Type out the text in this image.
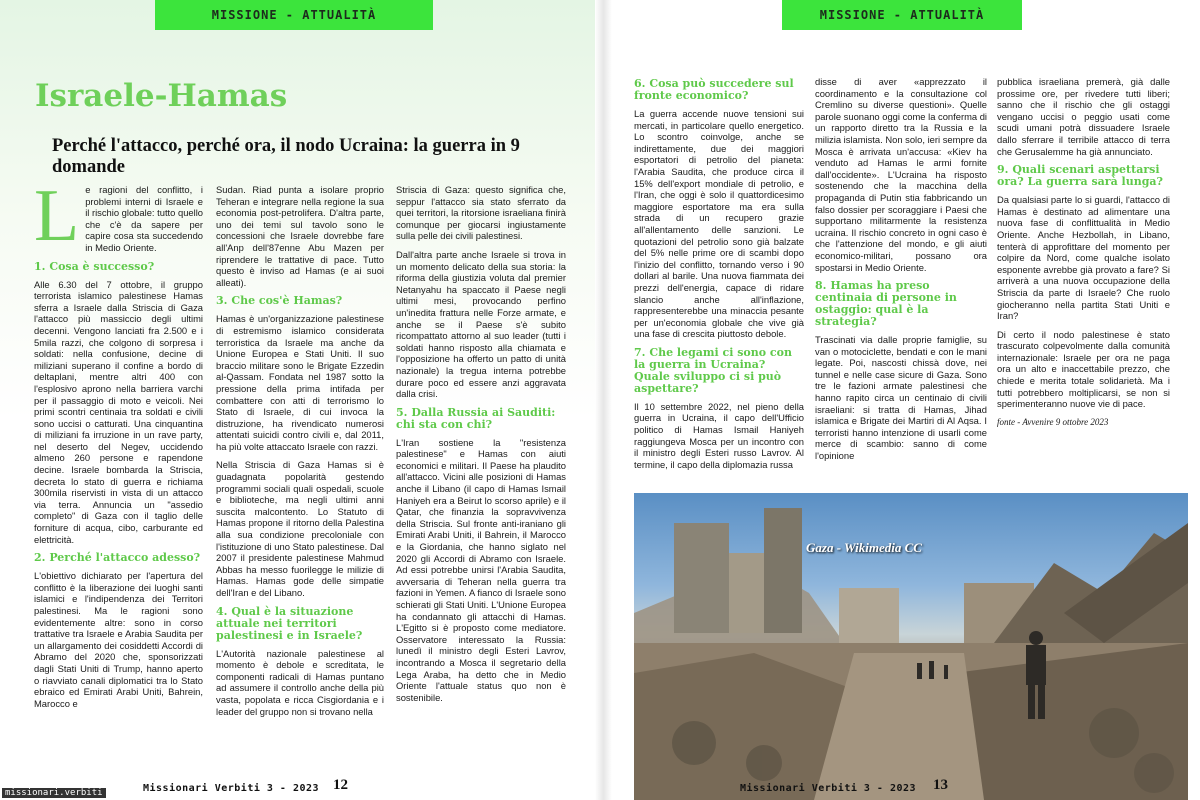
MISSIONE - ATTUALITÀ
Israele-Hamas
Perché l'attacco, perché ora, il nodo Ucraina: la guerra in 9 domande

Le ragioni del conflitto, i problemi interni di Israele e il rischio globale: tutto quello che c'è da sapere per capire cosa sta succedendo in Medio Oriente.

1. Cosa è successo?

Alle 6.30 del 7 ottobre, il gruppo terrorista islamico palestinese Hamas sferra a Israele dalla Striscia di Gaza l'attacco più massiccio degli ultimi decenni. Vengono lanciati fra 2.500 e i 5mila razzi, che colgono di sorpresa i soldati: nella confusione, decine di miliziani superano il confine a bordo di deltaplani, mentre altri 400 con l'esplosivo aprono nella barriera varchi per il passaggio di moto e veicoli. Nei primi scontri centinaia tra soldati e civili sono uccisi o catturati. Una cinquantina di miliziani fa irruzione in un rave party, nel deserto del Negev, uccidendo almeno 260 persone e rapendone decine. Israele bombarda la Striscia, decreta lo stato di guerra e richiama 300mila riservisti in vista di un attacco via terra. Annuncia un "assedio completo" di Gaza con il taglio delle forniture di acqua, cibo, carburante ed elettricità.

2. Perché l'attacco adesso?

L'obiettivo dichiarato per l'apertura del conflitto è la liberazione dei luoghi santi islamici e l'indipendenza dei Territori palestinesi. Ma le ragioni sono evidentemente altre: sono in corso trattative tra Israele e Arabia Saudita per un allargamento dei cosiddetti Accordi di Abramo del 2020 che, sponsorizzati dagli Stati Uniti di Trump, hanno aperto o riavviato canali diplomatici tra lo Stato ebraico ed Emirati Arabi Uniti, Bahrein, Marocco e

Sudan. Riad punta a isolare proprio Teheran e integrare nella regione la sua economia post-petrolifera. D'altra parte, uno dei temi sul tavolo sono le concessioni che Israele dovrebbe fare all'Anp dell'87enne Abu Mazen per riprendere le trattative di pace. Tutto questo è inviso ad Hamas (e ai suoi alleati).

3. Che cos'è Hamas?

Hamas è un'organizzazione palestinese di estremismo islamico considerata terroristica da Israele ma anche da Unione Europea e Stati Uniti. Il suo braccio militare sono le Brigate Ezzedin al-Qassam. Fondata nel 1987 sotto la pressione della prima intifada per combattere con atti di terrorismo lo Stato di Israele, di cui invoca la distruzione, ha rivendicato numerosi attentati suicidi contro civili e, dal 2011, ha più volte attaccato Israele con razzi.

Nella Striscia di Gaza Hamas si è guadagnata popolarità gestendo programmi sociali quali ospedali, scuole e biblioteche, ma negli ultimi anni suscita malcontento. Lo Statuto di Hamas propone il ritorno della Palestina alla sua condizione precoloniale con l'istituzione di uno Stato palestinese. Dal 2007 il presidente palestinese Mahmud Abbas ha messo fuorilegge le milizie di Hamas. Hamas gode delle simpatie dell'Iran e del Libano.

4. Qual è la situazione attuale nei territori palestinesi e in Israele?

L'Autorità nazionale palestinese al momento è debole e screditata, le componenti radicali di Hamas puntano ad assumere il controllo anche della più vasta, popolata e ricca Cisgiordania e i leader del gruppo non si trovano nella

Striscia di Gaza: questo significa che, seppur l'attacco sia stato sferrato da quei territori, la ritorsione israeliana finirà comunque per giocarsi ingiustamente sulla pelle dei civili palestinesi.

Dall'altra parte anche Israele si trova in un momento delicato della sua storia: la riforma della giustizia voluta dal premier Netanyahu ha spaccato il Paese negli ultimi mesi, provocando perfino un'inedita frattura nelle Forze armate, e anche se il Paese s'è subito ricompattato attorno al suo leader (tutti i soldati hanno risposto alla chiamata e l'opposizione ha offerto un patto di unità nazionale) la tregua interna potrebbe durare poco ed essere anzi aggravata dalla crisi.

5. Dalla Russia ai Sauditi: chi sta con chi?

L'Iran sostiene la "resistenza palestinese" e Hamas con aiuti economici e militari. Il Paese ha plaudito all'attacco. Vicini alle posizioni di Hamas anche il Libano (il capo di Hamas Ismail Haniyeh era a Beirut lo scorso aprile) e il Qatar, che finanzia la sopravvivenza della Striscia. Sul fronte anti-iraniano gli Emirati Arabi Uniti, il Bahrein, il Marocco e la Giordania, che hanno siglato nel 2020 gli Accordi di Abramo con Israele. Ad essi potrebbe unirsi l'Arabia Saudita, avversaria di Teheran nella guerra tra fazioni in Yemen. A fianco di Israele sono schierati gli Stati Uniti. L'Unione Europea ha condannato gli attacchi di Hamas. L'Egitto si è proposto come mediatore. Osservatore interessato la Russia: lunedì il ministro degli Esteri Lavrov, incontrando a Mosca il segretario della Lega Araba, ha detto che in Medio Oriente l'attuale status quo non è sostenibile.

Missionari Verbiti 3 - 2023 12
MISSIONE - ATTUALITÀ
6. Cosa può succedere sul fronte economico?

La guerra accende nuove tensioni sui mercati, in particolare quello energetico. Lo scontro coinvolge, anche se indirettamente, due dei maggiori esportatori di petrolio del pianeta: l'Arabia Saudita, che produce circa il 15% dell'export mondiale di petrolio, e l'Iran, che oggi è solo il quattordicesimo maggiore esportatore ma era sulla strada di un recupero grazie all'allentamento delle sanzioni. Le quotazioni del petrolio sono già balzate del 5% nelle prime ore di scambi dopo l'inizio del conflitto, tornando verso i 90 dollari al barile. Una nuova fiammata dei prezzi dell'energia, capace di ridare slancio anche all'inflazione, rappresenterebbe una minaccia pesante per un'economia globale che vive già una fase di crescita piuttosto debole.

7. Che legami ci sono con la guerra in Ucraina? Quale sviluppo ci si può aspettare?

Il 10 settembre 2022, nel pieno della guerra in Ucraina, il capo dell'Ufficio politico di Hamas Ismail Haniyeh raggiungeva Mosca per un incontro con il ministro degli Esteri russo Lavrov. Al termine, il capo della diplomazia russa

disse di aver «apprezzato il coordinamento e la consultazione col Cremlino su diverse questioni». Quelle parole suonano oggi come la conferma di un rapporto diretto tra la Russia e la milizia islamista. Non solo, ieri sempre da Mosca è arrivata un'accusa: «Kiev ha venduto ad Hamas le armi fornite dall'occidente». L'Ucraina ha risposto sostenendo che la macchina della propaganda di Putin stia fabbricando un falso dossier per scoraggiare i Paesi che supportano militarmente la resistenza ucraina. Il rischio concreto in ogni caso è che l'attenzione del mondo, e gli aiuti economico-militari, possano ora spostarsi in Medio Oriente.

8. Hamas ha preso centinaia di persone in ostaggio: qual è la strategia?

Trascinati via dalle proprie famiglie, su van o motociclette, bendati e con le mani legate. Poi, nascosti chissà dove, nei tunnel e nelle case sicure di Gaza. Sono tre le fazioni armate palestinesi che hanno rapito circa un centinaio di civili israeliani: si tratta di Hamas, Jihad islamica e Brigate dei Martiri di Al Aqsa. I terroristi hanno intenzione di usarli come merce di scambio: sanno di come l'opinione

pubblica israeliana premerà, già dalle prossime ore, per rivedere tutti liberi; sanno che il rischio che gli ostaggi vengano uccisi o peggio usati come scudi umani potrà dissuadere Israele dallo sferrare il terribile attacco di terra che Gerusalemme ha già annunciato.

9. Quali scenari aspettarsi ora? La guerra sarà lunga?

Da qualsiasi parte lo si guardi, l'attacco di Hamas è destinato ad alimentare una nuova fase di conflittualità in Medio Oriente. Anche Hezbollah, in Libano, tenterà di approfittare del momento per colpire da Nord, come qualche isolato esponente avrebbe già provato a fare? Si arriverà a una nuova occupazione della Striscia da parte di Israele? Che ruolo giocheranno nella partita Stati Uniti e Iran?

Di certo il nodo palestinese è stato trascurato colpevolmente dalla comunità internazionale: Israele per ora ne paga ora un alto e inaccettabile prezzo, che chiede e merita totale solidarietà. Ma i tutti potrebbero moltiplicarsi, se non si sperimenteranno nuove vie di pace.

fonte - Avvenire 9 ottobre 2023

Gaza - Wikimedia CC
Missionari Verbiti 3 - 2023 13
missionari.verbiti
